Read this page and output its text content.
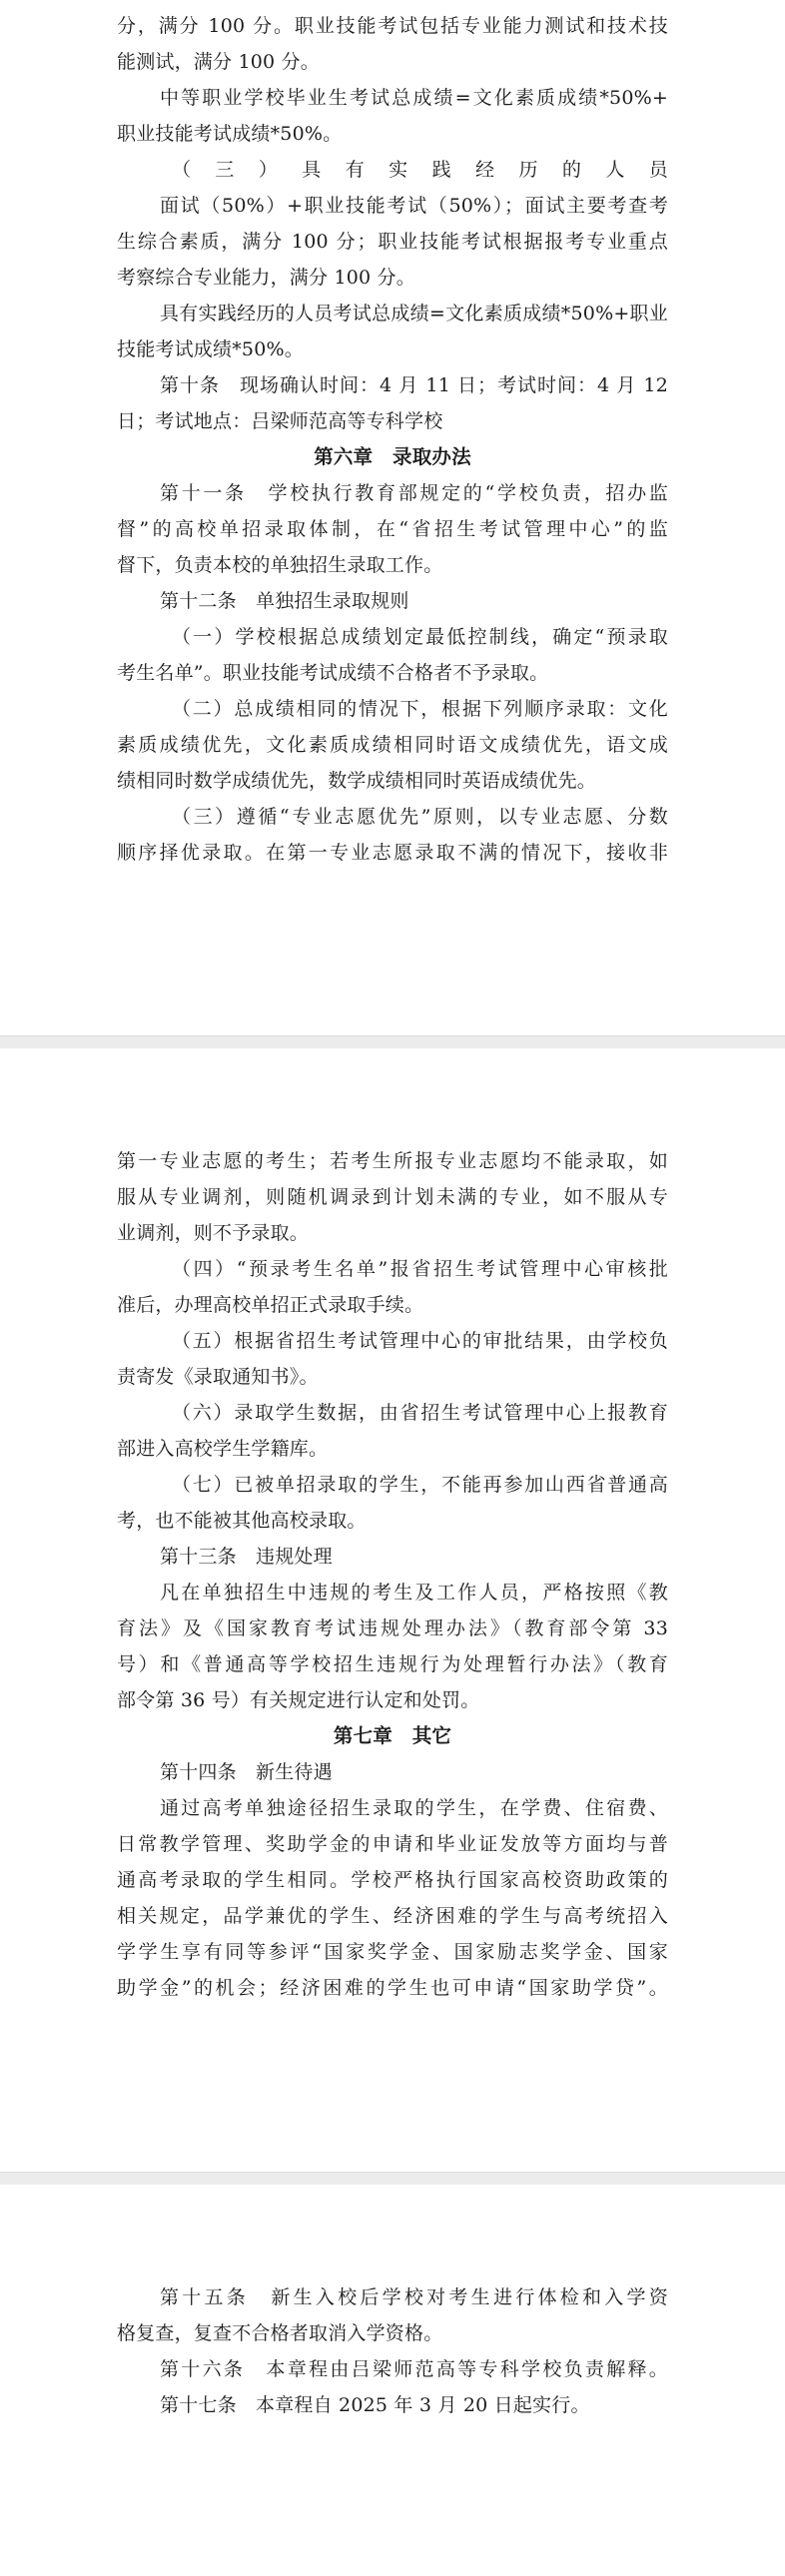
分，满分 100 分。职业技能考试包括专业能力测试和技术技
能测试，满分 100 分。
中等职业学校毕业生考试总成绩=文化素质成绩*50%+
职业技能考试成绩*50%。
（三）具有实践经历的人员
面试（50%）+职业技能考试（50%）；面试主要考查考
生综合素质，满分 100 分；职业技能考试根据报考专业重点
考察综合专业能力，满分 100 分。
具有实践经历的人员考试总成绩=文化素质成绩*50%+职业
技能考试成绩*50%。
第十条　现场确认时间：4 月 11 日；考试时间：4 月 12
日；考试地点：吕梁师范高等专科学校
第六章　录取办法
第十一条　学校执行教育部规定的“学校负责，招办监
督”的高校单招录取体制，在“省招生考试管理中心”的监
督下，负责本校的单独招生录取工作。
第十二条　单独招生录取规则
（一）学校根据总成绩划定最低控制线，确定“预录取
考生名单”。职业技能考试成绩不合格者不予录取。
（二）总成绩相同的情况下，根据下列顺序录取：文化
素质成绩优先，文化素质成绩相同时语文成绩优先，语文成
绩相同时数学成绩优先，数学成绩相同时英语成绩优先。
（三）遵循“专业志愿优先”原则，以专业志愿、分数
顺序择优录取。在第一专业志愿录取不满的情况下，接收非
第一专业志愿的考生；若考生所报专业志愿均不能录取，如
服从专业调剂，则随机调录到计划未满的专业，如不服从专
业调剂，则不予录取。
（四）“预录考生名单”报省招生考试管理中心审核批
准后，办理高校单招正式录取手续。
（五）根据省招生考试管理中心的审批结果，由学校负
责寄发《录取通知书》。
（六）录取学生数据，由省招生考试管理中心上报教育
部进入高校学生学籍库。
（七）已被单招录取的学生，不能再参加山西省普通高
考，也不能被其他高校录取。
第十三条　违规处理
凡在单独招生中违规的考生及工作人员，严格按照《教
育法》及《国家教育考试违规处理办法》（教育部令第 33
号）和《普通高等学校招生违规行为处理暂行办法》（教育
部令第 36 号）有关规定进行认定和处罚。
第七章　其它
第十四条　新生待遇
通过高考单独途径招生录取的学生，在学费、住宿费、
日常教学管理、奖助学金的申请和毕业证发放等方面均与普
通高考录取的学生相同。学校严格执行国家高校资助政策的
相关规定，品学兼优的学生、经济困难的学生与高考统招入
学学生享有同等参评“国家奖学金、国家励志奖学金、国家
助学金”的机会；经济困难的学生也可申请“国家助学贷”。
第十五条　新生入校后学校对考生进行体检和入学资
格复查，复查不合格者取消入学资格。
第十六条　本章程由吕梁师范高等专科学校负责解释。
第十七条　本章程自 2025 年 3 月 20 日起实行。
